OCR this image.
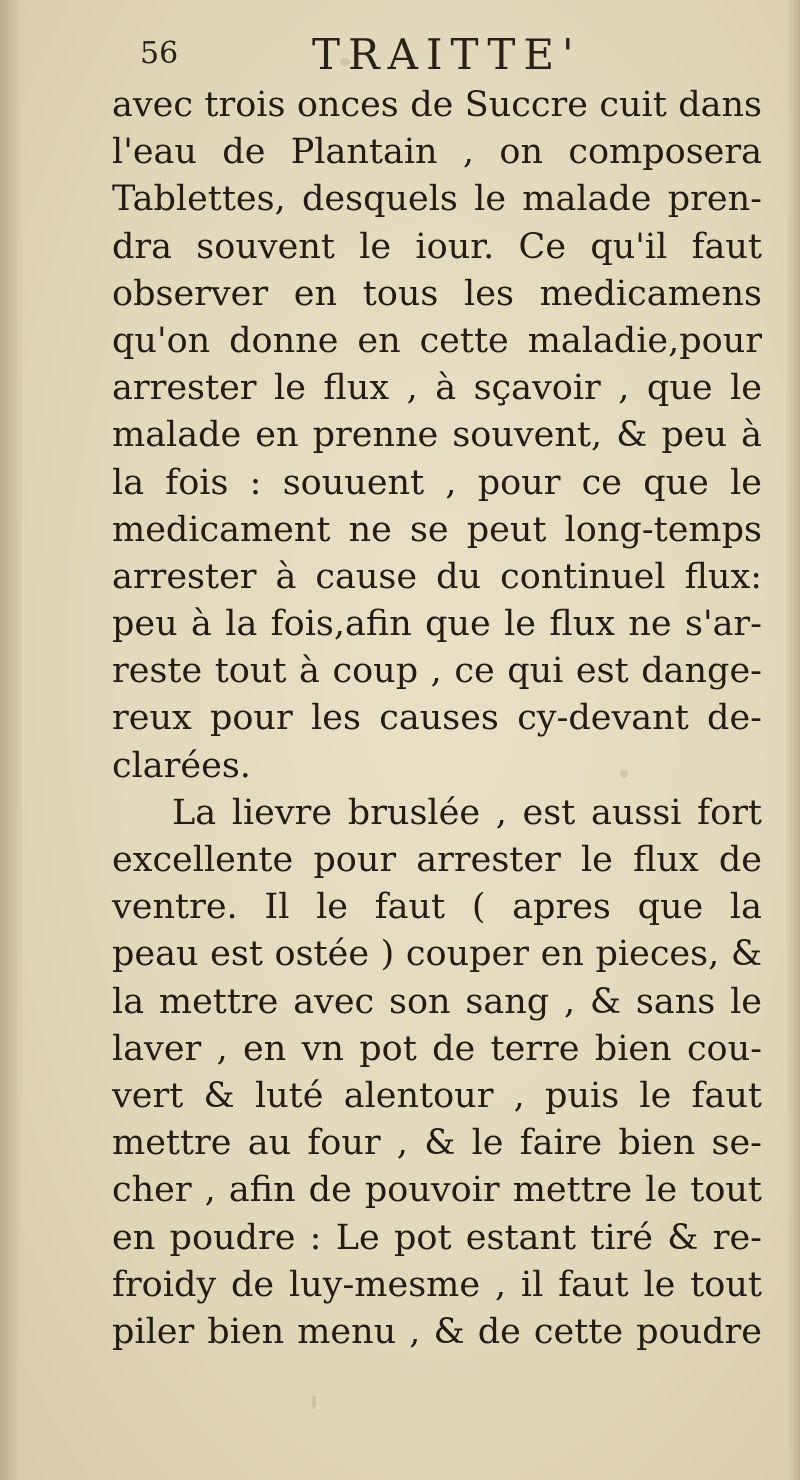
56	TRAITTE'
avec trois onces de Succre cuit dans
l'eau de Plantain , on composera
Tablettes, desquels le malade pren-
dra souvent le iour. Ce qu'il faut
observer en tous les medicamens
qu'on donne en cette maladie,pour
arrester le flux , à sçavoir , que le
malade en prenne souvent, & peu à
la fois : souuent , pour ce que le
medicament ne se peut long-temps
arrester à cause du continuel flux:
peu à la fois,afin que le flux ne s'ar-
reste tout à coup , ce qui est dange-
reux pour les causes cy-devant de-
clarées.
La lievre bruslée , est aussi fort
excellente pour arrester le flux de
ventre. Il le faut ( apres que la
peau est ostée ) couper en pieces, &
la mettre avec son sang , & sans le
laver , en vn pot de terre bien cou-
vert & luté alentour , puis le faut
mettre au four , & le faire bien se-
cher , afin de pouvoir mettre le tout
en poudre : Le pot estant tiré & re-
froidy de luy-mesme , il faut le tout
piler bien menu , & de cette poudre
